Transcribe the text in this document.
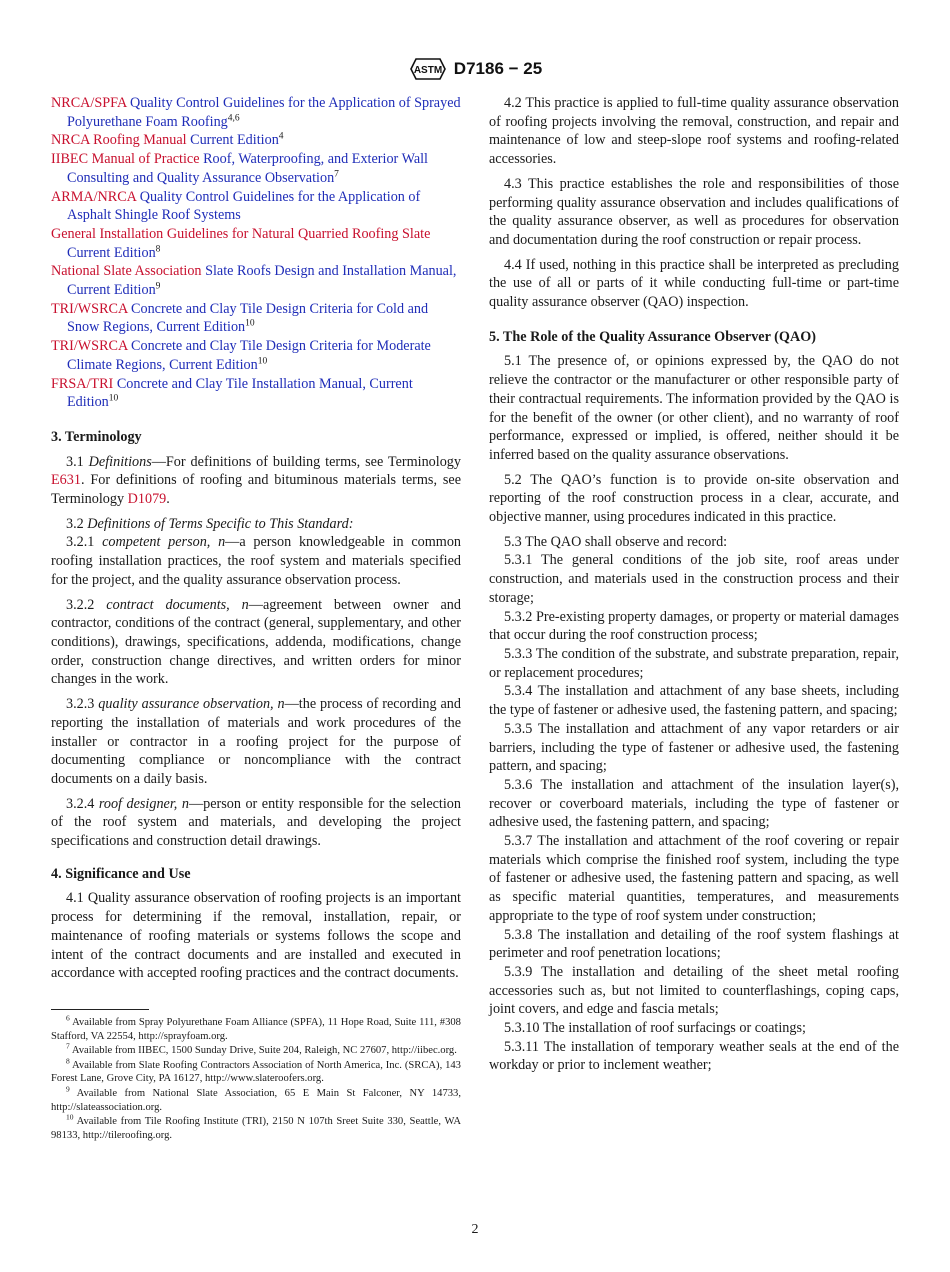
ASTM D7186 − 25

NRCA/SPFA Quality Control Guidelines for the Application of Sprayed Polyurethane Foam Roofing$^{4,6}$

NRCA Roofing Manual Current Edition$^4$

IIBEC Manual of Practice Roof, Waterproofing, and Exterior Wall Consulting and Quality Assurance Observation$^7$

ARMA/NRCA Quality Control Guidelines for the Application of Asphalt Shingle Roof Systems

General Installation Guidelines for Natural Quarried Roofing Slate Current Edition$^8$

National Slate Association Slate Roofs Design and Installation Manual, Current Edition$^9$

TRI/WSRCA Concrete and Clay Tile Design Criteria for Cold and Snow Regions, Current Edition$^{10}$

TRI/WSRCA Concrete and Clay Tile Design Criteria for Moderate Climate Regions, Current Edition$^{10}$

FRSA/TRI Concrete and Clay Tile Installation Manual, Current Edition$^{10}$

3. Terminology

3.1 Definitions—For definitions of building terms, see Terminology E631. For definitions of roofing and bituminous materials terms, see Terminology D1079.

3.2 Definitions of Terms Specific to This Standard:

3.2.1 competent person, n—a person knowledgeable in common roofing installation practices, the roof system and materials specified for the project, and the quality assurance observation process.

3.2.2 contract documents, n—agreement between owner and contractor, conditions of the contract (general, supplementary, and other conditions), drawings, specifications, addenda, modifications, change order, construction change directives, and written orders for minor changes in the work.

3.2.3 quality assurance observation, n—the process of recording and reporting the installation of materials and work procedures of the installer or contractor in a roofing project for the purpose of documenting compliance or noncompliance with the contract documents on a daily basis.

3.2.4 roof designer, n—person or entity responsible for the selection of the roof system and materials, and developing the project specifications and construction detail drawings.

4. Significance and Use

4.1 Quality assurance observation of roofing projects is an important process for determining if the removal, installation, repair, or maintenance of roofing materials or systems follows the scope and intent of the contract documents and are installed and executed in accordance with accepted roofing practices and the contract documents.

$^6$ Available from Spray Polyurethane Foam Alliance (SPFA), 11 Hope Road, Suite 111, #308 Stafford, VA 22554, http://sprayfoam.org.

$^7$ Available from IIBEC, 1500 Sunday Drive, Suite 204, Raleigh, NC 27607, http://iibec.org.

$^8$ Available from Slate Roofing Contractors Association of North America, Inc. (SRCA), 143 Forest Lane, Grove City, PA 16127, http://www.slateroofers.org.

$^9$ Available from National Slate Association, 65 E Main St Falconer, NY 14733, http://slateassociation.org.

$^{10}$ Available from Tile Roofing Institute (TRI), 2150 N 107th Sreet Suite 330, Seattle, WA 98133, http://tileroofing.org.

4.2 This practice is applied to full-time quality assurance observation of roofing projects involving the removal, construction, and repair and maintenance of low and steep-slope roof systems and roofing-related accessories.

4.3 This practice establishes the role and responsibilities of those performing quality assurance observation and includes qualifications of the quality assurance observer, as well as procedures for observation and documentation during the roof construction or repair process.

4.4 If used, nothing in this practice shall be interpreted as precluding the use of all or parts of it while conducting full-time or part-time quality assurance observer (QAO) inspection.

5. The Role of the Quality Assurance Observer (QAO)

5.1 The presence of, or opinions expressed by, the QAO do not relieve the contractor or the manufacturer or other responsible party of their contractual requirements. The information provided by the QAO is for the benefit of the owner (or other client), and no warranty of roof performance, expressed or implied, is offered, neither should it be inferred based on the quality assurance observations.

5.2 The QAO’s function is to provide on-site observation and reporting of the roof construction process in a clear, accurate, and objective manner, using procedures indicated in this practice.

5.3 The QAO shall observe and record:

5.3.1 The general conditions of the job site, roof areas under construction, and materials used in the construction process and their storage;

5.3.2 Pre-existing property damages, or property or material damages that occur during the roof construction process;

5.3.3 The condition of the substrate, and substrate preparation, repair, or replacement procedures;

5.3.4 The installation and attachment of any base sheets, including the type of fastener or adhesive used, the fastening pattern, and spacing;

5.3.5 The installation and attachment of any vapor retarders or air barriers, including the type of fastener or adhesive used, the fastening pattern, and spacing;

5.3.6 The installation and attachment of the insulation layer(s), recover or coverboard materials, including the type of fastener or adhesive used, the fastening pattern, and spacing;

5.3.7 The installation and attachment of the roof covering or repair materials which comprise the finished roof system, including the type of fastener or adhesive used, the fastening pattern and spacing, as well as specific material quantities, temperatures, and measurements appropriate to the type of roof system under construction;

5.3.8 The installation and detailing of the roof system flashings at perimeter and roof penetration locations;

5.3.9 The installation and detailing of the sheet metal roofing accessories such as, but not limited to counterflashings, coping caps, joint covers, and edge and fascia metals;

5.3.10 The installation of roof surfacings or coatings;

5.3.11 The installation of temporary weather seals at the end of the workday or prior to inclement weather;

2
